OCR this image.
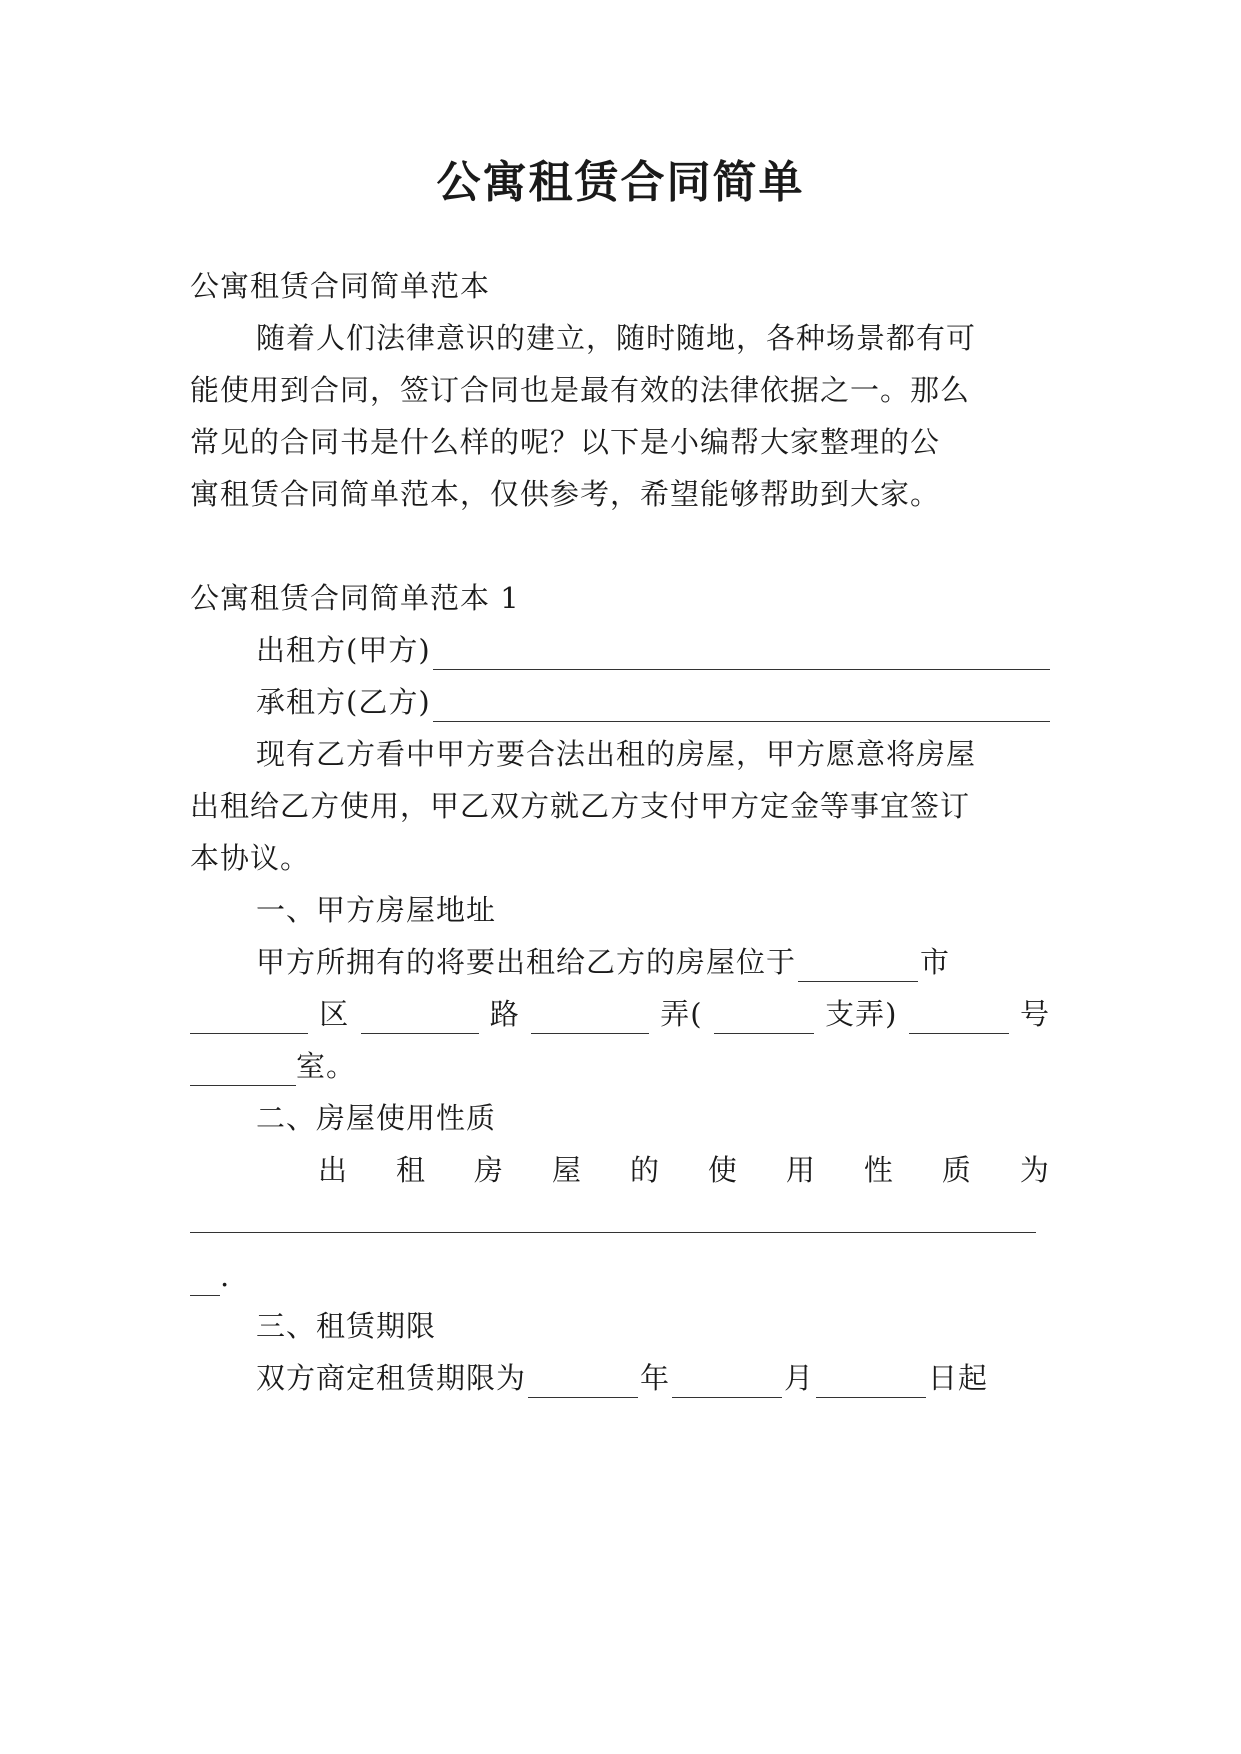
公寓租赁合同简单
公寓租赁合同简单范本
随着人们法律意识的建立，随时随地，各种场景都有可
能使用到合同，签订合同也是最有效的法律依据之一。那么
常见的合同书是什么样的呢？以下是小编帮大家整理的公
寓租赁合同简单范本，仅供参考，希望能够帮助到大家。
公寓租赁合同简单范本 1
出租方(甲方)
承租方(乙方)
现有乙方看中甲方要合法出租的房屋，甲方愿意将房屋
出租给乙方使用，甲乙双方就乙方支付甲方定金等事宜签订
本协议。
一、甲方房屋地址
甲方所拥有的将要出租给乙方的房屋位于	市
区	路	弄(	支弄)	号
室。
二、房屋使用性质
出 租 房 屋 的 使 用 性 质 为
.
三、租赁期限
双方商定租赁期限为	年	月	日起
